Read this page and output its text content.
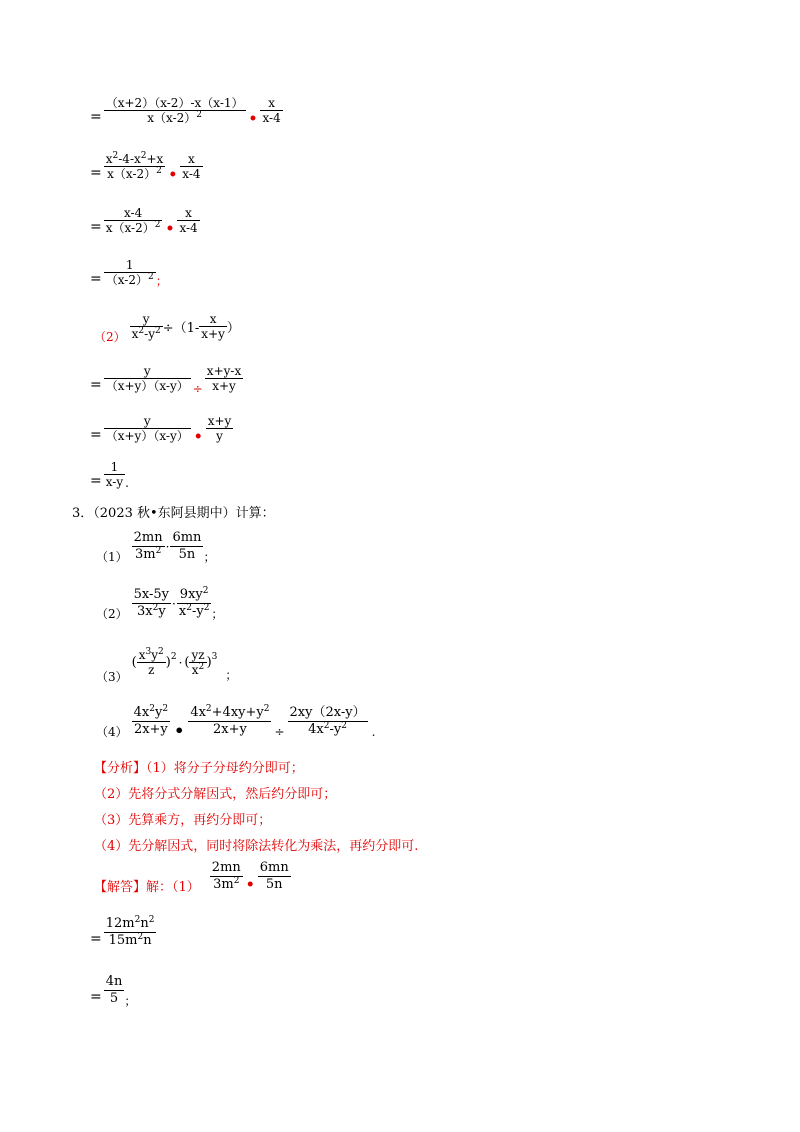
= $\frac{(x+2)(x-2)-x(x-1)}{x(x-2)^2}$ • $\frac{x}{x-4}$
= $\frac{x^2-4-x^2+x}{x(x-2)^2}$ • $\frac{x}{x-4}$
= $\frac{x-4}{x(x-2)^2}$ • $\frac{x}{x-4}$
= $\frac{1}{(x-2)^2} _;$
$_{(2)} \frac{y}{x^2-y^2} \div(1- \frac{x}{x+y}$ ）
= $\frac{y}{(x+y)(x-y)} _\div \frac{x+y-x}{x+y}$
= $\frac{y}{(x+y)(x-y)}$ • $\frac{x+y}{y}$
= $\frac{1}{x-y} _.$
3．（2023 秋•东阿县期中）计算：
$_{(1)} \frac{2mn}{3m^2} \cdot \frac{6mn}{5n} _;$
$_{(2)} \frac{5x-5y}{3x^2y} \cdot \frac{9xy^2}{x^2-y^2} _;$
$_{(3)}( \frac{x^3y^2}{z} )^2$ · ( $\frac{yz}{x^2} )^3_;$
$_{(4)} \frac{4x^2y^2}{2x+y}$ • $\frac{4x^2+4xy+y^2}{2x+y} _\div \frac{2xy(2x-y)}{4x^2-y^2} _.$
【分析】（1）将分子分母约分即可；
（2）先将分式分解因式，然后约分即可；
（3）先算乘方，再约分即可；
（4）先分解因式，同时将除法转化为乘法，再约分即可.
$_{【解答】解:(1)} \frac{2mn}{3m^2}$ • $\frac{6mn}{5n}$
= $\frac{12m^2n^2}{15m^2n}$
= $\frac{4n}{5} _;$
